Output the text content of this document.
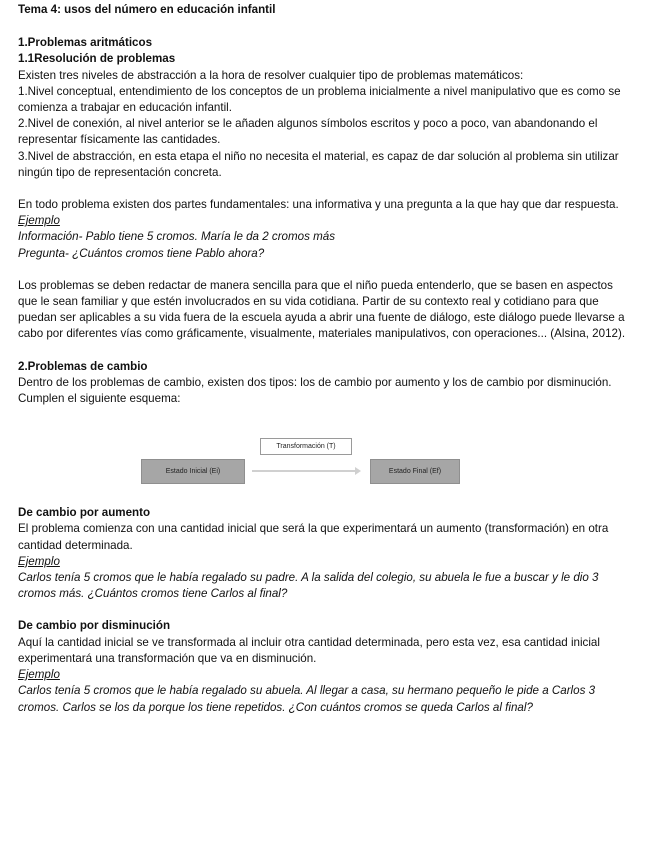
Tema 4: usos del número en educación infantil

1.Problemas aritmáticos

1.1Resolución de problemas

Existen tres niveles de abstracción a la hora de resolver cualquier tipo de problemas matemáticos:

1.Nivel conceptual, entendimiento de los conceptos de un problema inicialmente a nivel manipulativo que es como se comienza a trabajar en educación infantil.

2.Nivel de conexión, al nivel anterior se le añaden algunos símbolos escritos y poco a poco, van abandonando el representar físicamente las cantidades.

3.Nivel de abstracción, en esta etapa el niño no necesita el material, es capaz de dar solución al problema sin utilizar ningún tipo de representación concreta.

En todo problema existen dos partes fundamentales: una informativa y una pregunta a la que hay que dar respuesta.

Ejemplo

Información- Pablo tiene 5 cromos. María le da 2 cromos más

Pregunta- ¿Cuántos cromos tiene Pablo ahora?

Los problemas se deben redactar de manera sencilla para que el niño pueda entenderlo, que se basen en aspectos que le sean familiar y que estén involucrados en su vida cotidiana. Partir de su contexto real y cotidiano para que puedan ser aplicables a su vida fuera de la escuela ayuda a abrir una fuente de diálogo, este diálogo puede llevarse a cabo por diferentes vías como gráficamente, visualmente, materiales manipulativos, con operaciones... (Alsina, 2012).

2.Problemas de cambio

Dentro de los problemas de cambio, existen dos tipos: los de cambio por aumento y los de cambio por disminución.

Cumplen el siguiente esquema:

Transformación (T)
Estado Inicial (Ei)	Estado Final (Ef)

De cambio por aumento

El problema comienza con una cantidad inicial que será la que experimentará un aumento (transformación) en otra cantidad determinada.

Ejemplo

Carlos tenía 5 cromos que le había regalado su padre. A la salida del colegio, su abuela le fue a buscar y le dio 3 cromos más. ¿Cuántos cromos tiene Carlos al final?

De cambio por disminución

Aquí la cantidad inicial se ve transformada al incluir otra cantidad determinada, pero esta vez, esa cantidad inicial experimentará una transformación que va en disminución.

Ejemplo

Carlos tenía 5 cromos que le había regalado su abuela. Al llegar a casa, su hermano pequeño le pide a Carlos 3 cromos. Carlos se los da porque los tiene repetidos. ¿Con cuántos cromos se queda Carlos al final?
